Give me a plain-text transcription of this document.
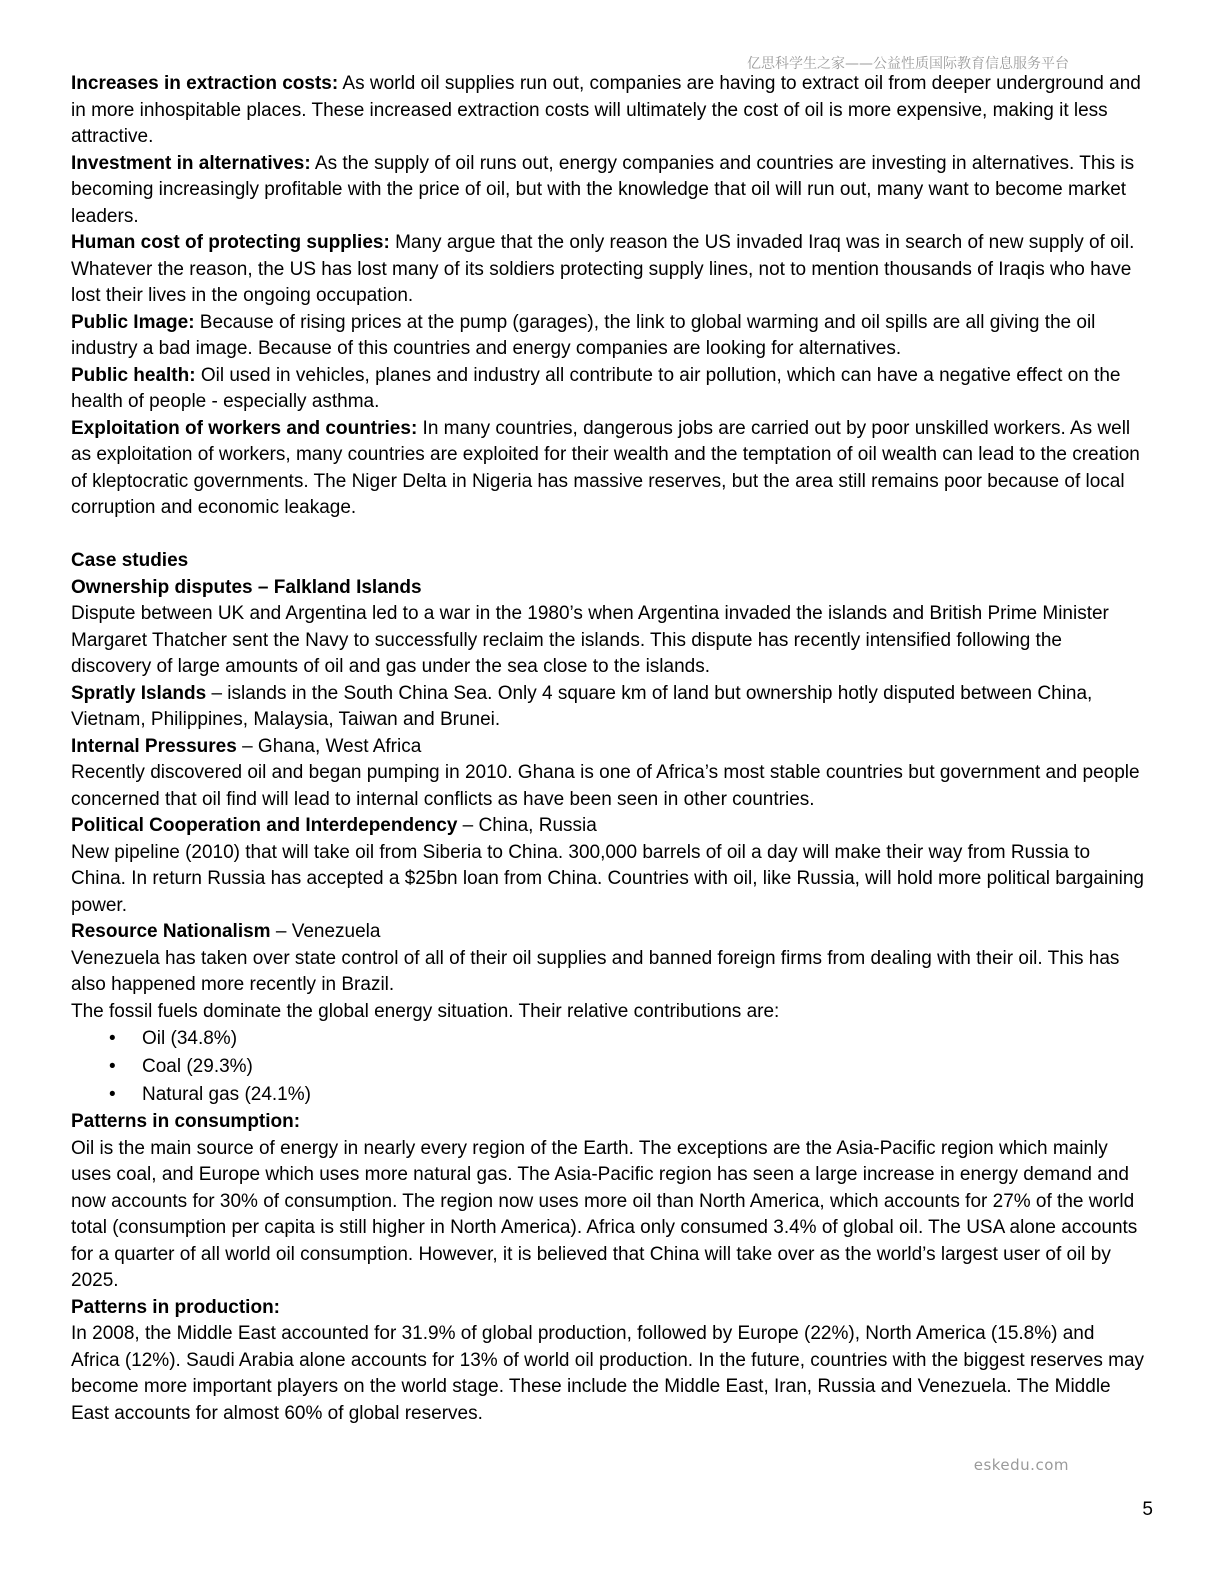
亿思科学生之家——公益性质国际教育信息服务平台

Increases in extraction costs: As world oil supplies run out, companies are having to extract oil from deeper underground and in more inhospitable places. These increased extraction costs will ultimately the cost of oil is more expensive, making it less attractive.

Investment in alternatives: As the supply of oil runs out, energy companies and countries are investing in alternatives. This is becoming increasingly profitable with the price of oil, but with the knowledge that oil will run out, many want to become market leaders.

Human cost of protecting supplies: Many argue that the only reason the US invaded Iraq was in search of new supply of oil. Whatever the reason, the US has lost many of its soldiers protecting supply lines, not to mention thousands of Iraqis who have lost their lives in the ongoing occupation.

Public Image: Because of rising prices at the pump (garages), the link to global warming and oil spills are all giving the oil industry a bad image. Because of this countries and energy companies are looking for alternatives.

Public health: Oil used in vehicles, planes and industry all contribute to air pollution, which can have a negative effect on the health of people - especially asthma.

Exploitation of workers and countries: In many countries, dangerous jobs are carried out by poor unskilled workers. As well as exploitation of workers, many countries are exploited for their wealth and the temptation of oil wealth can lead to the creation of kleptocratic governments. The Niger Delta in Nigeria has massive reserves, but the area still remains poor because of local corruption and economic leakage.

Case studies

Ownership disputes – Falkland Islands

Dispute between UK and Argentina led to a war in the 1980’s when Argentina invaded the islands and British Prime Minister Margaret Thatcher sent the Navy to successfully reclaim the islands. This dispute has recently intensified following the discovery of large amounts of oil and gas under the sea close to the islands.

Spratly Islands – islands in the South China Sea. Only 4 square km of land but ownership hotly disputed between China, Vietnam, Philippines, Malaysia, Taiwan and Brunei.

Internal Pressures – Ghana, West Africa

Recently discovered oil and began pumping in 2010. Ghana is one of Africa’s most stable countries but government and people concerned that oil find will lead to internal conflicts as have been seen in other countries.

Political Cooperation and Interdependency – China, Russia

New pipeline (2010) that will take oil from Siberia to China. 300,000 barrels of oil a day will make their way from Russia to China. In return Russia has accepted a $25bn loan from China. Countries with oil, like Russia, will hold more political bargaining power.

Resource Nationalism – Venezuela

Venezuela has taken over state control of all of their oil supplies and banned foreign firms from dealing with their oil. This has also happened more recently in Brazil.

The fossil fuels dominate the global energy situation. Their relative contributions are:

• Oil (34.8%)
• Coal (29.3%)
• Natural gas (24.1%)

Patterns in consumption:

Oil is the main source of energy in nearly every region of the Earth. The exceptions are the Asia-Pacific region which mainly uses coal, and Europe which uses more natural gas. The Asia-Pacific region has seen a large increase in energy demand and now accounts for 30% of consumption. The region now uses more oil than North America, which accounts for 27% of the world total (consumption per capita is still higher in North America). Africa only consumed 3.4% of global oil. The USA alone accounts for a quarter of all world oil consumption. However, it is believed that China will take over as the world’s largest user of oil by 2025.

Patterns in production:

In 2008, the Middle East accounted for 31.9% of global production, followed by Europe (22%), North America (15.8%) and Africa (12%). Saudi Arabia alone accounts for 13% of world oil production. In the future, countries with the biggest reserves may become more important players on the world stage. These include the Middle East, Iran, Russia and Venezuela. The Middle East accounts for almost 60% of global reserves.

eskedu.com
5
